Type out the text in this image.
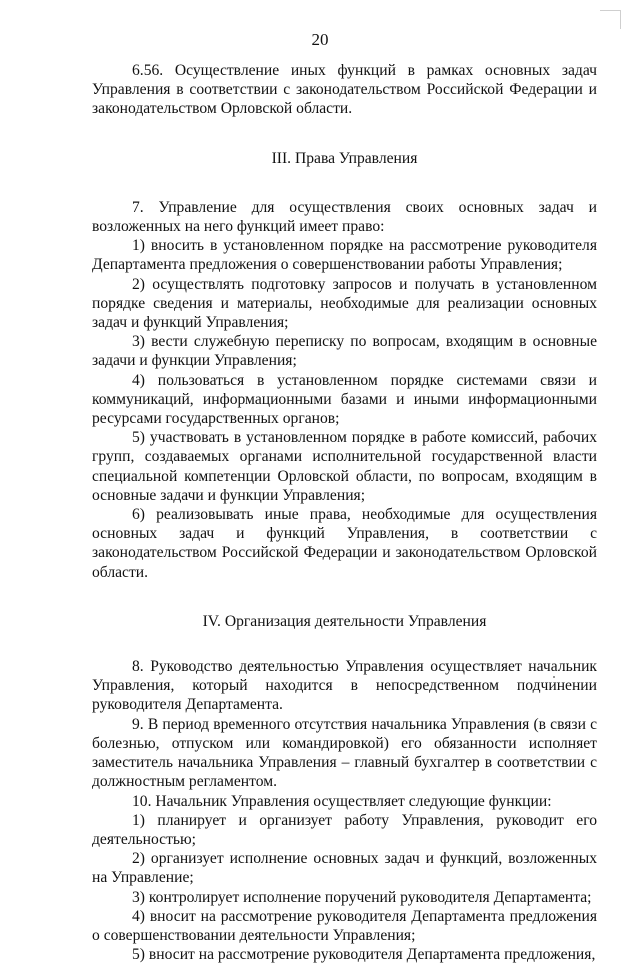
20

6.56. Осуществление иных функций в рамках основных задач Управления в соответствии с законодательством Российской Федерации и законодательством Орловской области.

III. Права Управления

7. Управление для осуществления своих основных задач и возложенных на него функций имеет право:

1) вносить в установленном порядке на рассмотрение руководителя Департамента предложения о совершенствовании работы Управления;

2) осуществлять подготовку запросов и получать в установленном порядке сведения и материалы, необходимые для реализации основных задач и функций Управления;

3) вести служебную переписку по вопросам, входящим в основные задачи и функции Управления;

4) пользоваться в установленном порядке системами связи и коммуникаций, информационными базами и иными информационными ресурсами государственных органов;

5) участвовать в установленном порядке в работе комиссий, рабочих групп, создаваемых органами исполнительной государственной власти специальной компетенции Орловской области, по вопросам, входящим в основные задачи и функции Управления;

6) реализовывать иные права, необходимые для осуществления основных задач и функций Управления, в соответствии с законодательством Российской Федерации и законодательством Орловской области.

IV. Организация деятельности Управления

8. Руководство деятельностью Управления осуществляет начальник Управления, который находится в непосредственном подчинении руководителя Департамента.

9. В период временного отсутствия начальника Управления (в связи с болезнью, отпуском или командировкой) его обязанности исполняет заместитель начальника Управления – главный бухгалтер в соответствии с должностным регламентом.

10. Начальник Управления осуществляет следующие функции:

1) планирует и организует работу Управления, руководит его деятельностью;

2) организует исполнение основных задач и функций, возложенных на Управление;

3) контролирует исполнение поручений руководителя Департамента;

4) вносит на рассмотрение руководителя Департамента предложения о совершенствовании деятельности Управления;

5) вносит на рассмотрение руководителя Департамента предложения,
